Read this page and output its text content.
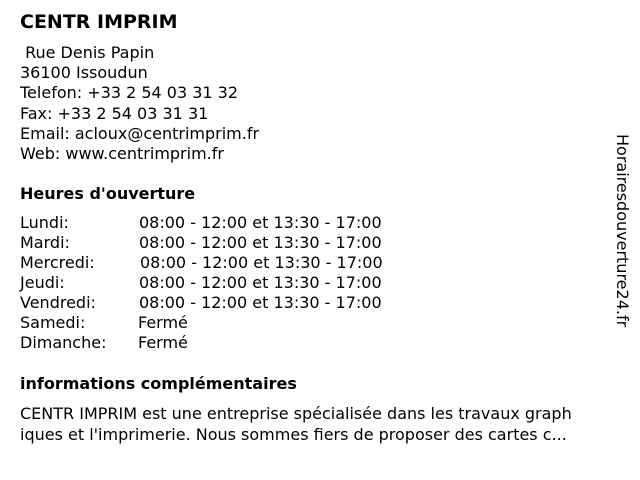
CENTR IMPRIM
Rue Denis Papin
36100 Issoudun
Telefon: +33 2 54 03 31 32
Fax: +33 2 54 03 31 31
Email: acloux@centrimprim.fr
Web: www.centrimprim.fr
Heures d'ouverture
Lundi:	08:00 - 12:00 et 13:30 - 17:00
Mardi:	08:00 - 12:00 et 13:30 - 17:00
Mercredi:	08:00 - 12:00 et 13:30 - 17:00
Jeudi:	08:00 - 12:00 et 13:30 - 17:00
Vendredi:	08:00 - 12:00 et 13:30 - 17:00
Samedi:	Fermé
Dimanche: Fermé
informations complémentaires
CENTR IMPRIM est une entreprise spécialisée dans les travaux graph
iques et l'imprimerie. Nous sommes fiers de proposer des cartes c...
Horairesdouverture24.fr
